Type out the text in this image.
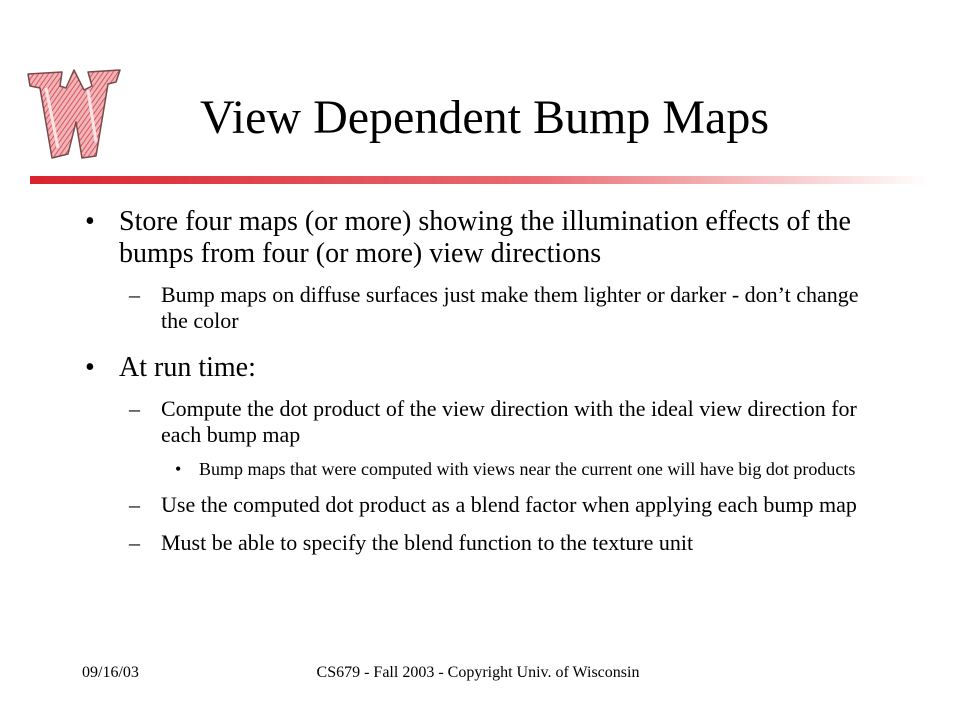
View Dependent Bump Maps
• Store four maps (or more) showing the illumination effects of the bumps from four (or more) view directions
– Bump maps on diffuse surfaces just make them lighter or darker - don’t change the color
• At run time:
– Compute the dot product of the view direction with the ideal view direction for each bump map
• Bump maps that were computed with views near the current one will have big dot products
– Use the computed dot product as a blend factor when applying each bump map
– Must be able to specify the blend function to the texture unit
09/16/03	CS679 - Fall 2003 - Copyright Univ. of Wisconsin
